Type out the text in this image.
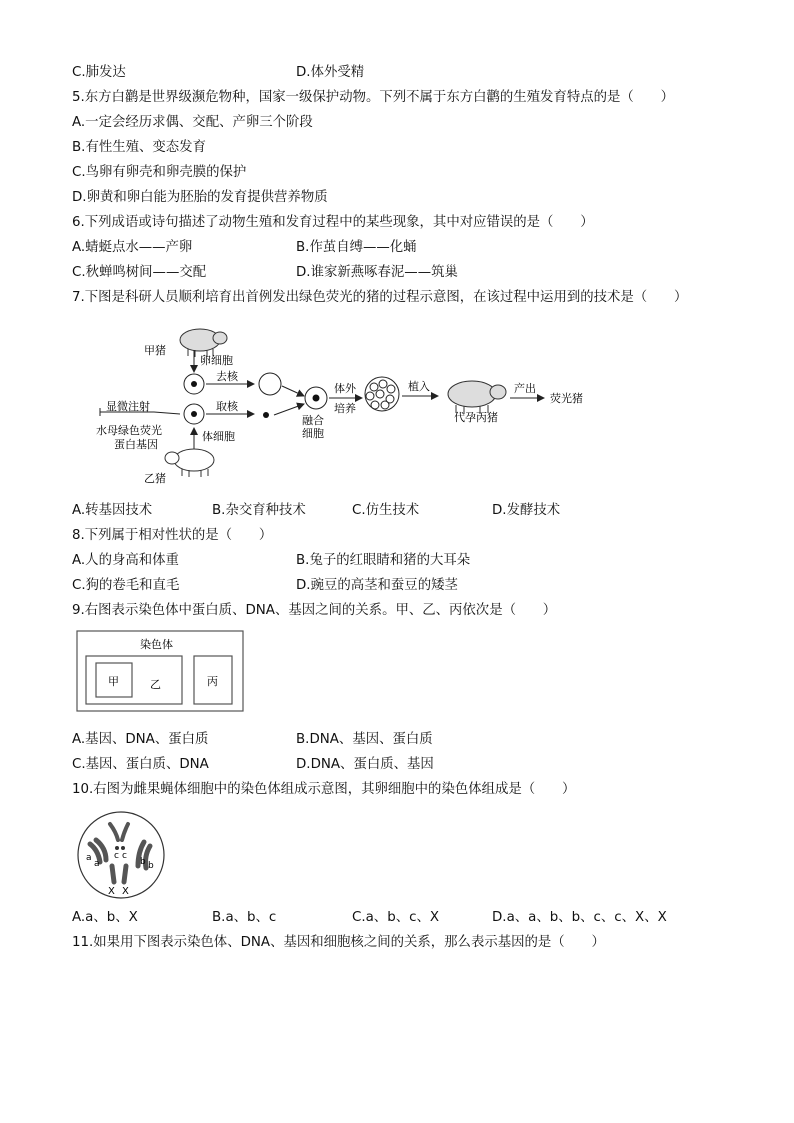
C.肺发达	D.体外受精
5.东方白鹳是世界级濒危物种，国家一级保护动物。下列不属于东方白鹳的生殖发育特点的是（　　）
A.一定会经历求偶、交配、产卵三个阶段
B.有性生殖、变态发育
C.鸟卵有卵壳和卵壳膜的保护
D.卵黄和卵白能为胚胎的发育提供营养物质
6.下列成语或诗句描述了动物生殖和发育过程中的某些现象，其中对应错误的是（　　）
A.蜻蜓点水——产卵	B.作茧自缚——化蛹
C.秋蝉鸣树间——交配	D.谁家新燕啄春泥——筑巢
7.下图是科研人员顺利培育出首例发出绿色荧光的猪的过程示意图，在该过程中运用到的技术是（　　）
甲猪
卵细胞
去核
显微注射	取核
水母绿色荧光
蛋白基因
体细胞
乙猪
融合
细胞
体外
培养
植入
代孕丙猪
产出
荧光猪
A.转基因技术	B.杂交育种技术	C.仿生技术	D.发酵技术
8.下列属于相对性状的是（　　）
A.人的身高和体重	B.兔子的红眼睛和猪的大耳朵
C.狗的卷毛和直毛	D.豌豆的高茎和蚕豆的矮茎
9.右图表示染色体中蛋白质、DNA、基因之间的关系。甲、乙、丙依次是（　　）
染色体
甲	乙	丙
A.基因、DNA、蛋白质	B.DNA、基因、蛋白质
C.基因、蛋白质、DNA	D.DNA、蛋白质、基因
10.右图为雌果蝇体细胞中的染色体组成示意图，其卵细胞中的染色体组成是（　　）
a
a
c c
b b
X X
A.a、b、X	B.a、b、c	C.a、b、c、X	D.a、a、b、b、c、c、X、X
11.如果用下图表示染色体、DNA、基因和细胞核之间的关系，那么表示基因的是（　　）
